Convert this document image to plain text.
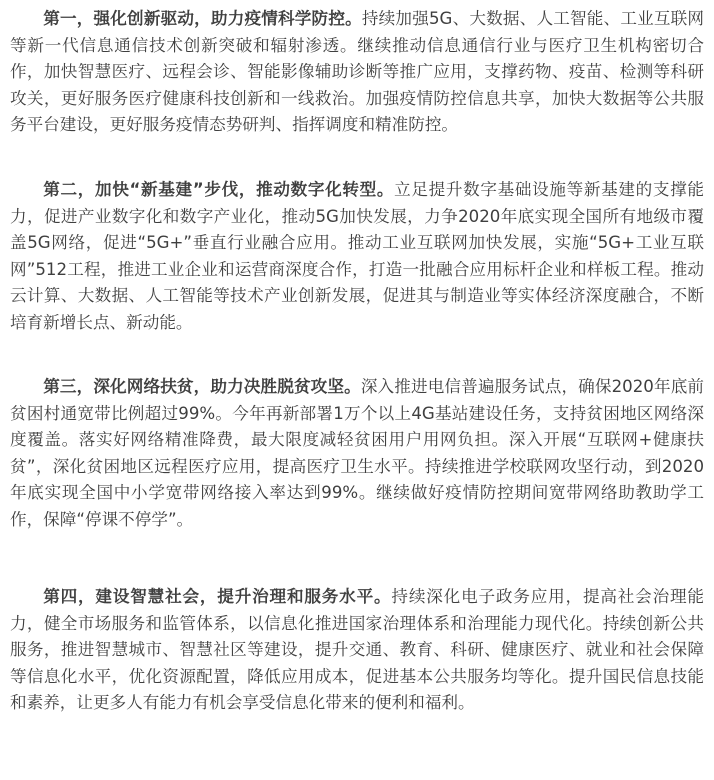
第一，强化创新驱动，助力疫情科学防控。持续加强5G、大数据、人工智能、工业互联网等新一代信息通信技术创新突破和辐射渗透。继续推动信息通信行业与医疗卫生机构密切合作，加快智慧医疗、远程会诊、智能影像辅助诊断等推广应用，支撑药物、疫苗、检测等科研攻关，更好服务医疗健康科技创新和一线救治。加强疫情防控信息共享，加快大数据等公共服务平台建设，更好服务疫情态势研判、指挥调度和精准防控。

第二，加快“新基建”步伐，推动数字化转型。立足提升数字基础设施等新基建的支撑能力，促进产业数字化和数字产业化，推动5G加快发展，力争2020年底实现全国所有地级市覆盖5G网络，促进“5G+”垂直行业融合应用。推动工业互联网加快发展，实施“5G+工业互联网”512工程，推进工业企业和运营商深度合作，打造一批融合应用标杆企业和样板工程。推动云计算、大数据、人工智能等技术产业创新发展，促进其与制造业等实体经济深度融合，不断培育新增长点、新动能。

第三，深化网络扶贫，助力决胜脱贫攻坚。深入推进电信普遍服务试点，确保2020年底前贫困村通宽带比例超过99%。今年再新部署1万个以上4G基站建设任务，支持贫困地区网络深度覆盖。落实好网络精准降费，最大限度减轻贫困用户用网负担。深入开展“互联网+健康扶贫”，深化贫困地区远程医疗应用，提高医疗卫生水平。持续推进学校联网攻坚行动，到2020年底实现全国中小学宽带网络接入率达到99%。继续做好疫情防控期间宽带网络助教助学工作，保障“停课不停学”。

第四，建设智慧社会，提升治理和服务水平。持续深化电子政务应用，提高社会治理能力，健全市场服务和监管体系，以信息化推进国家治理体系和治理能力现代化。持续创新公共服务，推进智慧城市、智慧社区等建设，提升交通、教育、科研、健康医疗、就业和社会保障等信息化水平，优化资源配置，降低应用成本，促进基本公共服务均等化。提升国民信息技能和素养，让更多人有能力有机会享受信息化带来的便利和福利。
